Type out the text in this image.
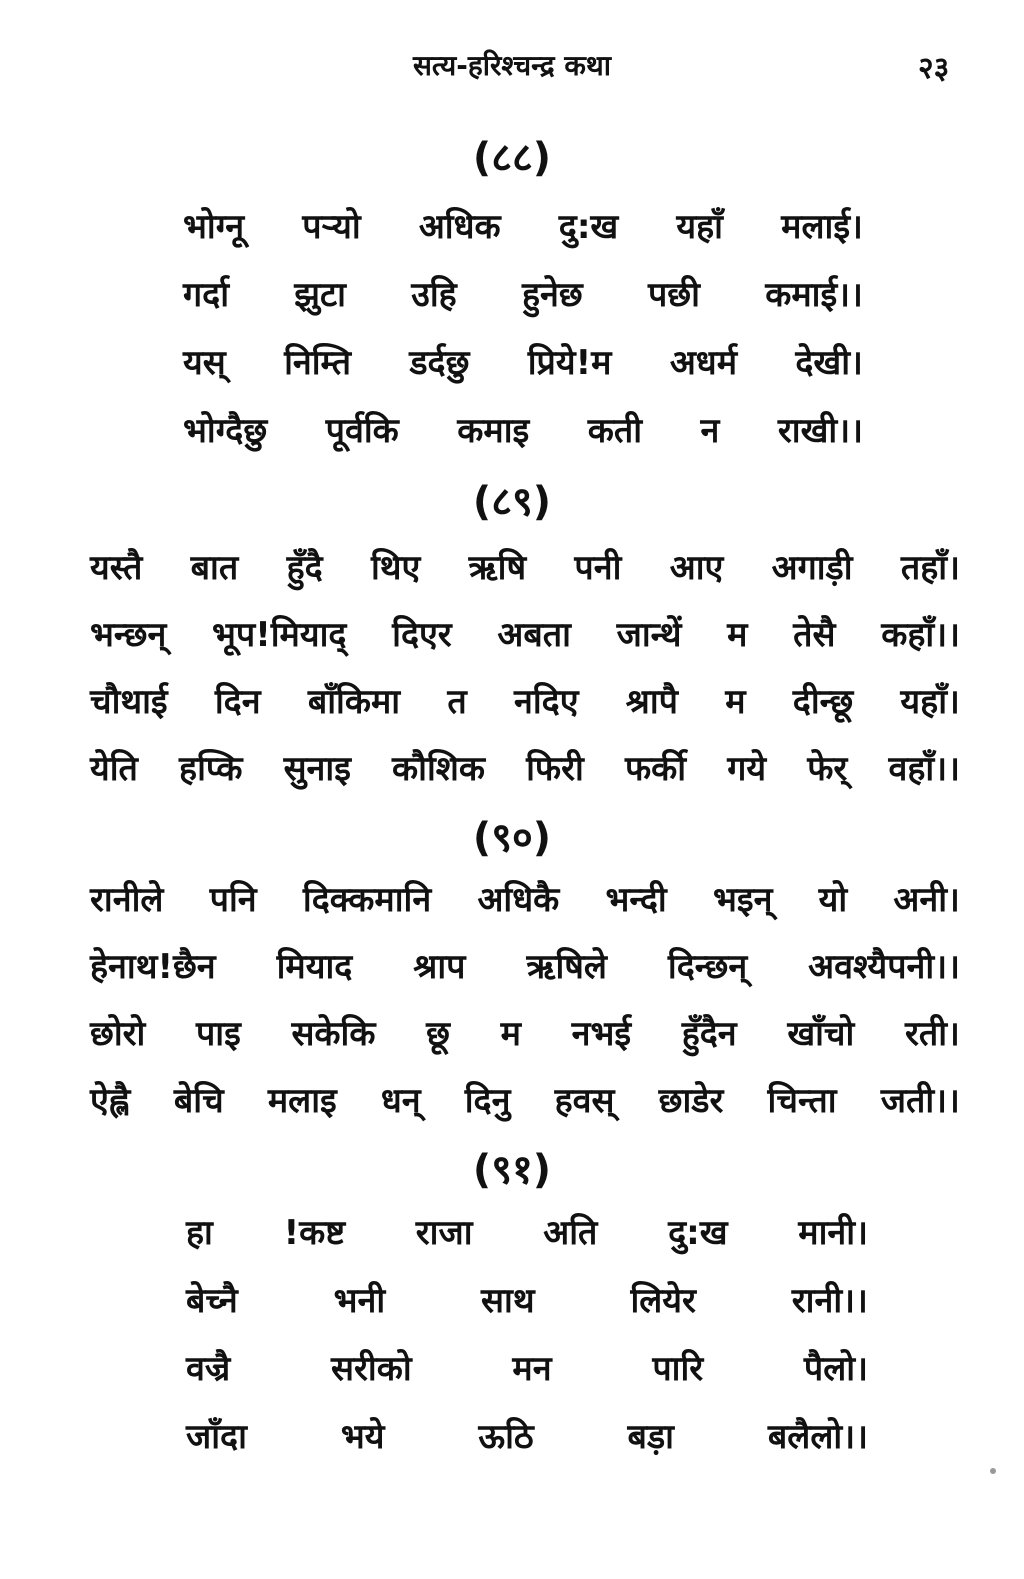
सत्य-हरिश्चन्द्र कथा	२३
(८८)
भोग्नू पऱ्यो अधिक दु:ख यहाँ मलाई।
गर्दा झुटा उहि हुनेछ पछी कमाई।।
यस् निम्ति डर्दछु प्रिये!म अधर्म देखी।
भोग्दैछु पूर्वकि कमाइ कती न राखी।।
(८९)
यस्तै बात हुँदै थिए ऋषि पनी आए अगाड़ी तहाँ।
भन्छन् भूप!मियाद् दिएर अबता जान्थें म तेसै कहाँ।।
चौथाई दिन बाँकिमा त नदिए श्रापै म दीन्छू यहाँ।
येति हप्कि सुनाइ कौशिक फिरी फर्की गये फेर् वहाँ।।
(९०)
रानीले पनि दिक्कमानि अधिकै भन्दी भइन् यो अनी।
हेनाथ!छैन मियाद श्राप ऋषिले दिन्छन् अवश्यैपनी।।
छोरो पाइ सकेकि छू म नभई हुँदैन खाँचो रती।
ऐह्लै बेचि मलाइ धन् दिनु हवस् छाडेर चिन्ता जती।।
(९१)
हा !कष्ट राजा अति दु:ख मानी।
बेच्नै	भनी	साथ	लियेर	रानी।।
वज्रै	सरीको	मन	पारि	पैलो।
जाँदा	भये	ऊठि	बड़ा	बलैलो।।
